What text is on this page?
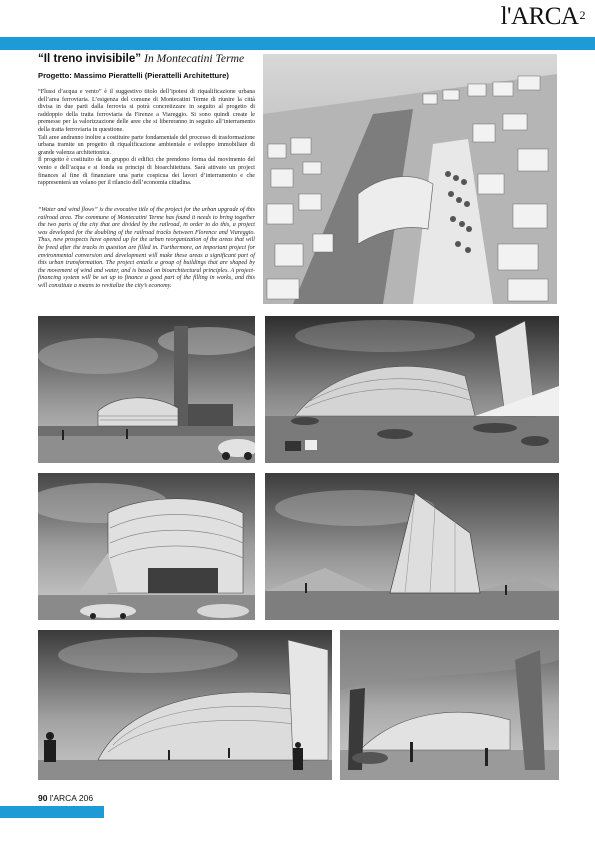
l'ARCA$^2$
“Il treno invisibile” In Montecatini Terme
Progetto: Massimo Pierattelli (Pierattelli Architetture)

“Flussi d’acqua e vento” è il suggestivo titolo dell’ipotesi di riqualificazione urbana dell’area ferroviaria. L’esigenza del comune di Montecatini Terme di riunire la città divisa in due parti dalla ferrovia si potrà concretizzare in seguito al progetto di raddoppio della tratta ferroviaria da Firenze a Viareggio. Si sono quindi create le premesse per la valorizzazione delle aree che si libereranno in seguito all’interramento della tratta ferroviaria in questione.

Tali aree andranno inoltre a costituire parte fondamentale del processo di trasformazione urbana tramite un progetto di riqualificazione ambientale e sviluppo immobiliare di grande valenza architettonica.

Il progetto è costituito da un gruppo di edifici che prendono forma dal movimento del vento e dell’acqua e si fonda su principi di bioarchitettura. Sarà attivato un project finances al fine di finanziare una parte cospicua dei lavori d’interramento e che rappresenterà un volano per il rilancio dell’economia cittadina.

“Water and wind flows” is the evocative title of the project for the urban upgrade of this railroad area. The commune of Montecatini Terme has found it needs to bring together the two parts of the city that are divided by the railroad, in order to do this, a project was developed for the doubling of the railroad tracks between Florence and Viareggio. Thus, new prospects have opened up for the urban reorganization of the areas that will be freed after the tracks in question are filled in. Furthermore, an important project for environmental conversion and development will make these areas a significant part of this urban transformation. The project entails a group of buildings that are shaped by the movement of wind and water, and is based on bioarchitectural principles. A project-financing system will be set up to finance a good part of the filling in works, and this will constitute a means to revitalize the city’s economy.

90 l'ARCA 206
